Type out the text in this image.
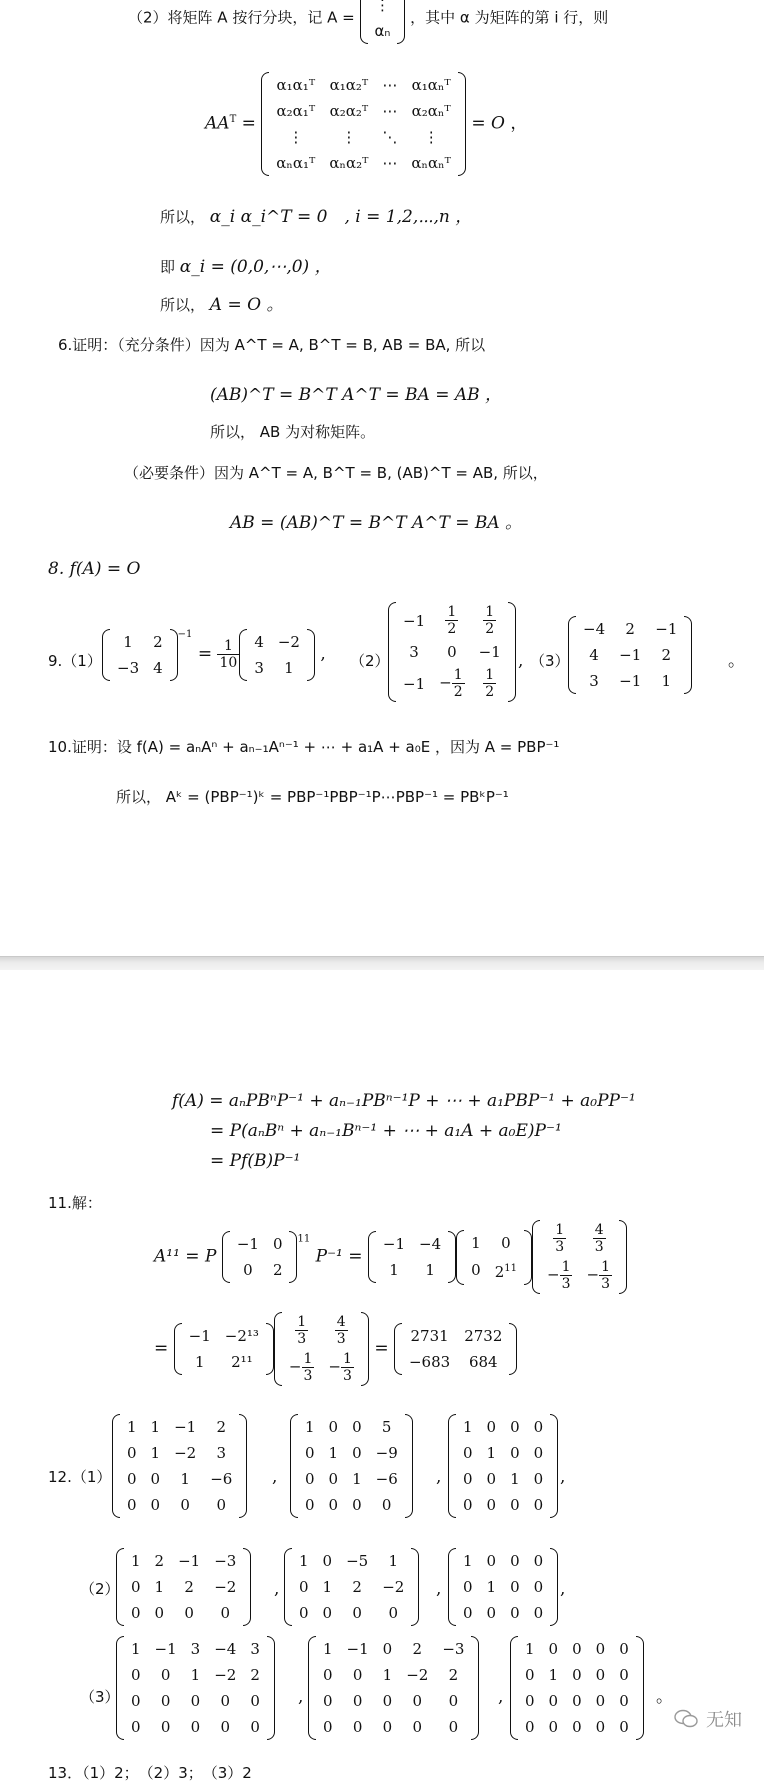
（2）将矩阵 A 按行分块，记 A =
⋮
αₙ
，其中 α 为矩阵的第 i 行，则
$AA^T$ =
α₁α₁ᵀ	α₁α₂ᵀ	⋯	α₁αₙᵀ
α₂α₁ᵀ	α₂α₂ᵀ	⋯	α₂αₙᵀ
⋮	⋮	⋱	⋮
αₙα₁ᵀ	αₙα₂ᵀ	⋯	αₙαₙᵀ
= O ，
所以， α_i α_i^T = 0　, i = 1,2,⋯,n ，
即 α_i = (0,0,⋯,0) ，
所以， A = O 。
6.证明：（充分条件）因为 A^T = A, B^T = B, AB = BA, 所以
(AB)^T = B^T A^T = BA = AB ，
所以， AB 为对称矩阵。
（必要条件）因为 A^T = A, B^T = B, (AB)^T = AB, 所以，
AB = (AB)^T = B^T A^T = BA 。
8. f(A) = O
9.（1）
1	2
−3	4
$^{-1} = \frac{1}{10} 4$	−2
3	1
, （2）
−1	$\frac{1}{2}$	$\frac{1}{2}$

3	0	−1
−1	− $\frac{1}{2}$	$\frac{1}{2}$
, （3）
−4	2	−1
4	−1	2
3	−1	1
。
10.证明：设 f(A) = aₙAⁿ + aₙ₋₁Aⁿ⁻¹ + ⋯ + a₁A + a₀E ，因为 A = PBP⁻¹
所以， Aᵏ = (PBP⁻¹)ᵏ = PBP⁻¹PBP⁻¹P⋯PBP⁻¹ = PBᵏP⁻¹
f(A) = aₙPBⁿP⁻¹ + aₙ₋₁PBⁿ⁻¹P + ⋯ + a₁PBP⁻¹ + a₀PP⁻¹
= P(aₙBⁿ + aₙ₋₁Bⁿ⁻¹ + ⋯ + a₁A + a₀E)P⁻¹
= Pf(B)P⁻¹
11.解：
A¹¹ = P
−1	0
0	2
$^{11}$ P⁻¹ =
−1	−4
1	1
1	0
0	$2^{11}$
$\frac{1}{3}$	$\frac{4}{3}$

− $\frac{1}{3}$	− $\frac{1}{3}$
=
−1	−2¹³
1	2¹¹
$\frac{1}{3}$	$\frac{4}{3}$

− $\frac{1}{3}$	− $\frac{1}{3}$
=
2731	2732
−683	684
12.（1）
1	1	−1	2
0	1	−2	3
0	0	1	−6
0	0	0	0
,
1	0	0	5
0	1	0	−9
0	0	1	−6
0	0	0	0
,
1	0	0	0
0	1	0	0
0	0	1	0
0	0	0	0
,
（2）
1	2	−1	−3
0	1	2	−2
0	0	0	0
,
1	0	−5	1
0	1	2	−2
0	0	0	0
,
1	0	0	0
0	1	0	0
0	0	0	0
,
（3）
1	−1	3	−4	3
0	0	1	−2	2
0	0	0	0	0
0	0	0	0	0
,
1	−1	0	2	−3
0	0	1	−2	2
0	0	0	0	0
0	0	0	0	0
,
1	0	0	0	0
0	1	0	0	0
0	0	0	0	0
0	0	0	0	0
。
13．（1）2；　（2）3；　（3）2
无知
